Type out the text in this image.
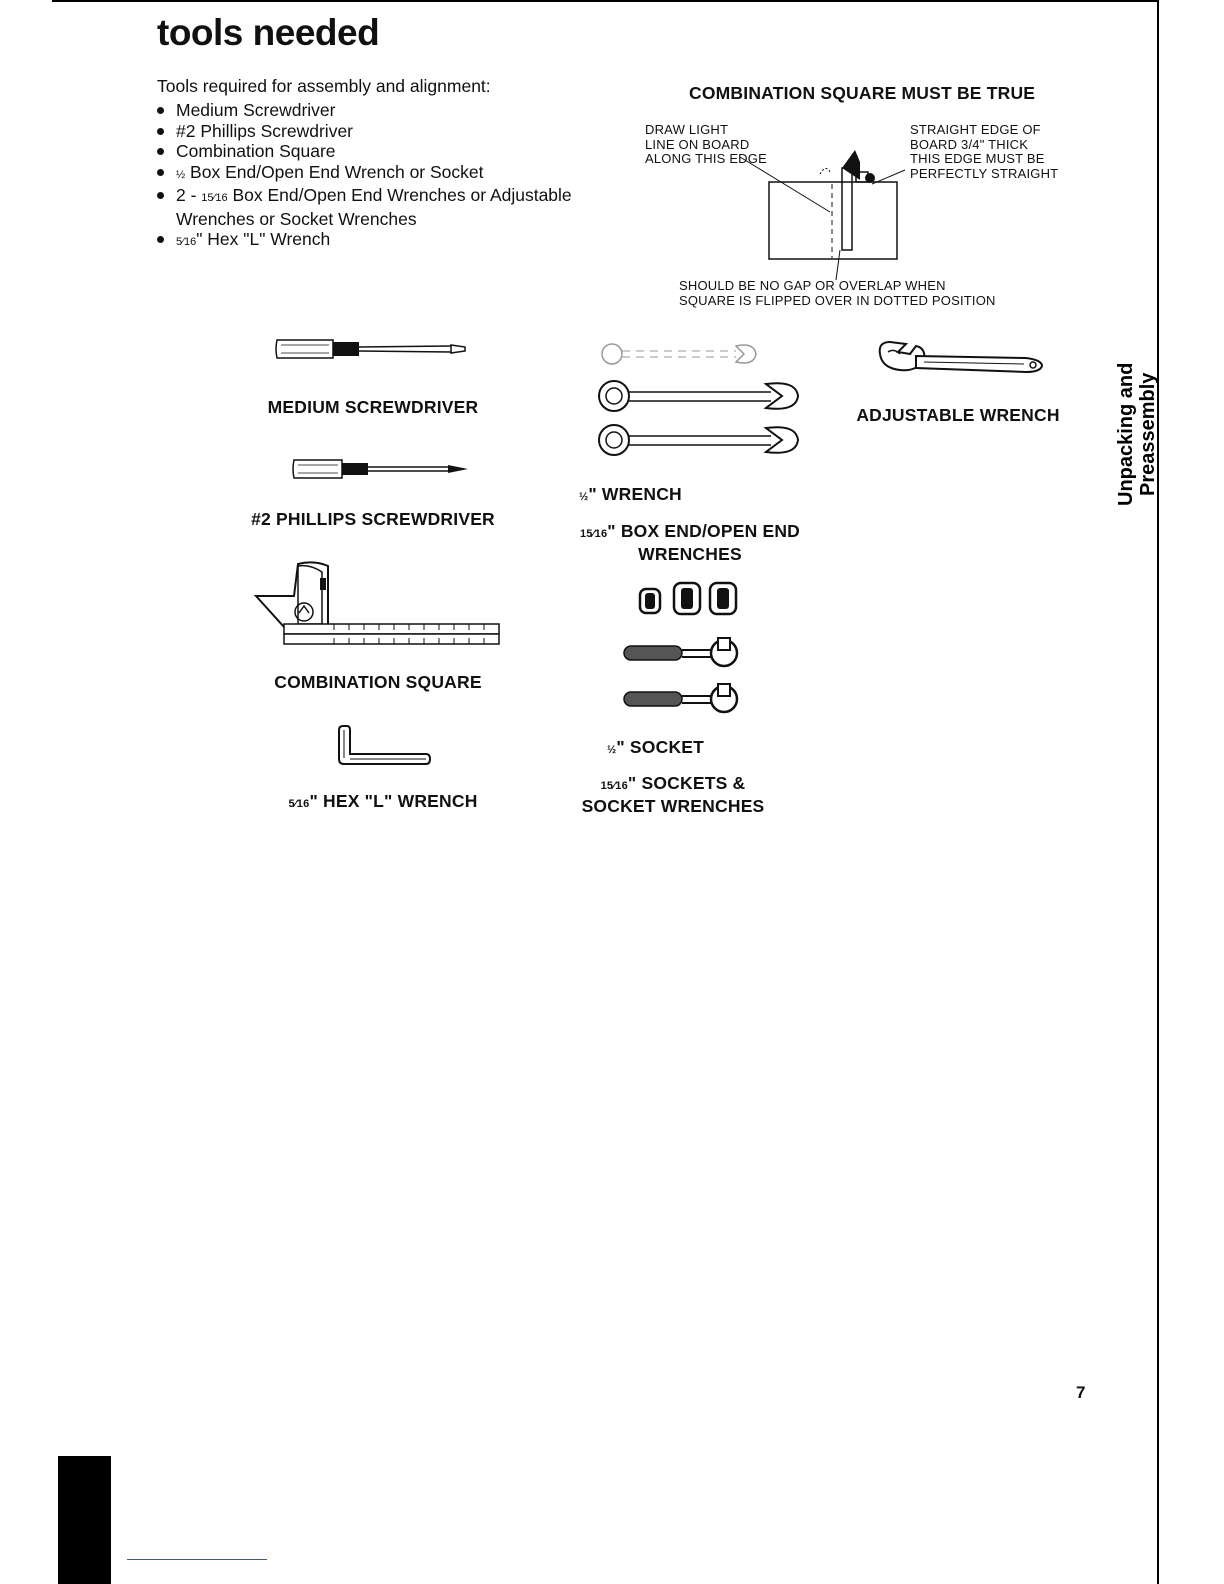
tools needed
Tools required for assembly and alignment:
Medium Screwdriver
#2 Phillips Screwdriver
Combination Square
½ Box End/Open End Wrench or Socket
2 - 15⁄16 Box End/Open End Wrenches or Adjustable Wrenches or Socket Wrenches
5⁄16" Hex "L" Wrench
COMBINATION SQUARE MUST BE TRUE
DRAW LIGHT
LINE ON BOARD
ALONG THIS EDGE
STRAIGHT EDGE OF
BOARD 3/4" THICK
THIS EDGE MUST BE
PERFECTLY STRAIGHT
SHOULD BE NO GAP OR OVERLAP WHEN
SQUARE IS FLIPPED OVER IN DOTTED POSITION
MEDIUM SCREWDRIVER
#2 PHILLIPS SCREWDRIVER
COMBINATION SQUARE
5⁄16" HEX "L" WRENCH
½" WRENCH
15⁄16" BOX END/OPEN END
WRENCHES
½" SOCKET
15⁄16" SOCKETS &
SOCKET WRENCHES
ADJUSTABLE WRENCH	Unpacking and Preassembly
7
